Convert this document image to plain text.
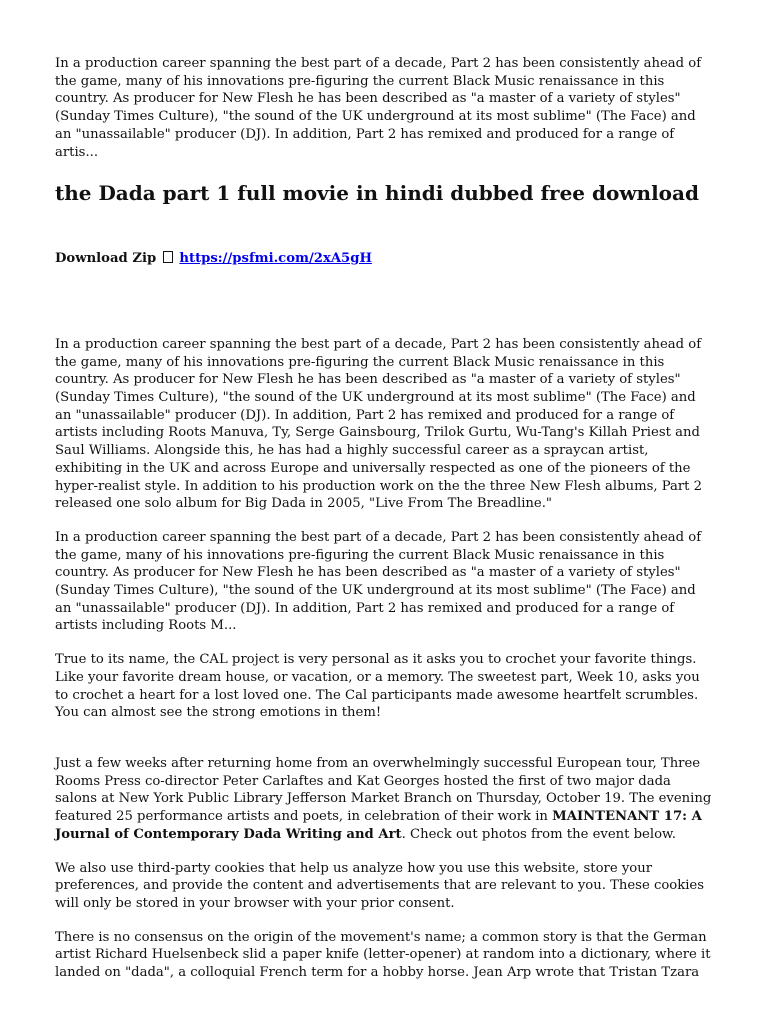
In a production career spanning the best part of a decade, Part 2 has been consistently ahead of the game, many of his innovations pre-figuring the current Black Music renaissance in this country. As producer for New Flesh he has been described as "a master of a variety of styles" (Sunday Times Culture), "the sound of the UK underground at its most sublime" (The Face) and an "unassailable" producer (DJ). In addition, Part 2 has remixed and produced for a range of artis...

the Dada part 1 full movie in hindi dubbed free download

Download Zip https://psfmi.com/2xA5gH

In a production career spanning the best part of a decade, Part 2 has been consistently ahead of the game, many of his innovations pre-figuring the current Black Music renaissance in this country. As producer for New Flesh he has been described as "a master of a variety of styles" (Sunday Times Culture), "the sound of the UK underground at its most sublime" (The Face) and an "unassailable" producer (DJ). In addition, Part 2 has remixed and produced for a range of artists including Roots Manuva, Ty, Serge Gainsbourg, Trilok Gurtu, Wu-Tang's Killah Priest and Saul Williams. Alongside this, he has had a highly successful career as a spraycan artist, exhibiting in the UK and across Europe and universally respected as one of the pioneers of the hyper-realist style. In addition to his production work on the the three New Flesh albums, Part 2 released one solo album for Big Dada in 2005, "Live From The Breadline."

In a production career spanning the best part of a decade, Part 2 has been consistently ahead of the game, many of his innovations pre-figuring the current Black Music renaissance in this country. As producer for New Flesh he has been described as "a master of a variety of styles" (Sunday Times Culture), "the sound of the UK underground at its most sublime" (The Face) and an "unassailable" producer (DJ). In addition, Part 2 has remixed and produced for a range of artists including Roots M...

True to its name, the CAL project is very personal as it asks you to crochet your favorite things. Like your favorite dream house, or vacation, or a memory. The sweetest part, Week 10, asks you to crochet a heart for a lost loved one. The Cal participants made awesome heartfelt scrumbles. You can almost see the strong emotions in them!

Just a few weeks after returning home from an overwhelmingly successful European tour, Three Rooms Press co-director Peter Carlaftes and Kat Georges hosted the first of two major dada salons at New York Public Library Jefferson Market Branch on Thursday, October 19. The evening featured 25 performance artists and poets, in celebration of their work in MAINTENANT 17: A Journal of Contemporary Dada Writing and Art. Check out photos from the event below.

We also use third-party cookies that help us analyze how you use this website, store your preferences, and provide the content and advertisements that are relevant to you. These cookies will only be stored in your browser with your prior consent.

There is no consensus on the origin of the movement's name; a common story is that the German artist Richard Huelsenbeck slid a paper knife (letter-opener) at random into a dictionary, where it landed on "dada", a colloquial French term for a hobby horse. Jean Arp wrote that Tristan Tzara
